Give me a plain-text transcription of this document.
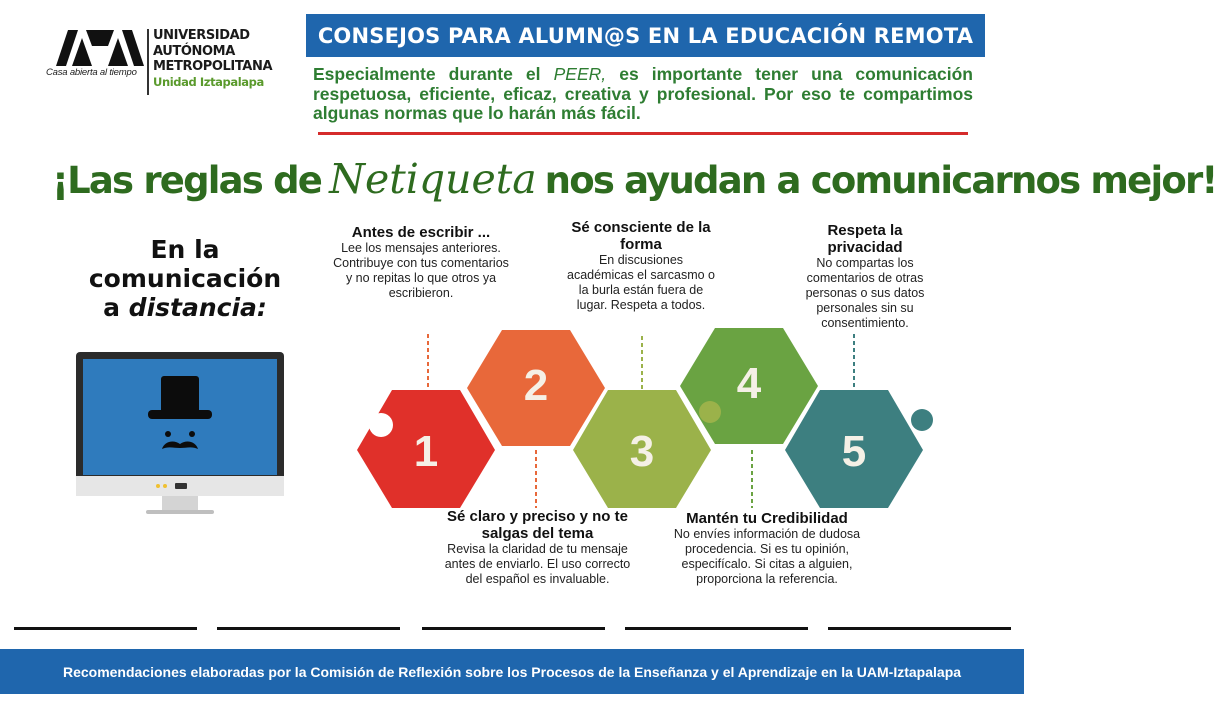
Casa abierta al tiempo
UNIVERSIDAD
AUTÓNOMA
METROPOLITANA
Unidad Iztapalapa
CONSEJOS PARA ALUMN@S EN LA EDUCACIÓN REMOTA
Especialmente durante el PEER, es importante tener una comunicación respetuosa, eficiente, eficaz, creativa y profesional. Por eso te compartimos algunas normas que lo harán más fácil.
¡Las reglas de Netiqueta nos ayudan a comunicarnos mejor!
En la
comunicación
a distancia:
Antes de escribir ...
Lee los mensajes anteriores. Contribuye con tus comentarios y no repitas lo que otros ya escribieron.
Sé consciente de la forma
En discusiones académicas el sarcasmo o la burla están fuera de lugar. Respeta a todos.
Respeta la privacidad
No compartas los comentarios de otras personas o sus datos personales sin su consentimiento.
Sé claro y preciso y no te salgas del tema
Revisa la claridad de tu mensaje antes de enviarlo. El uso correcto del español es invaluable.
Mantén tu Credibilidad
No envíes información de dudosa procedencia. Si es tu opinión, especifícalo. Si citas a alguien, proporciona la referencia.
2	4
1	3	5
Recomendaciones elaboradas por la Comisión de Reflexión sobre los Procesos de la Enseñanza y el Aprendizaje en la UAM-Iztapalapa
